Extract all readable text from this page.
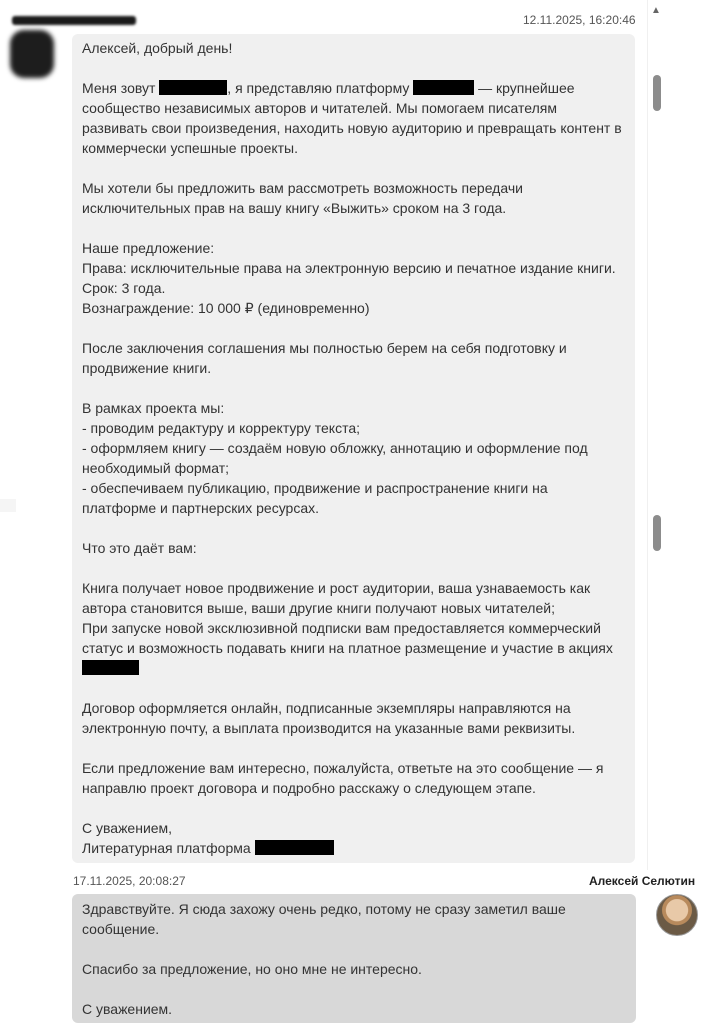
12.11.2025, 16:20:46
▲
Алексей, добрый день!
Меня зовут	, я представляю платформу	— крупнейшее
сообщество независимых авторов и читателей. Мы помогаем писателям
развивать свои произведения, находить новую аудиторию и превращать контент в
коммерчески успешные проекты.
Мы хотели бы предложить вам рассмотреть возможность передачи
исключительных прав на вашу книгу «Выжить» сроком на 3 года.
Наше предложение:
Права: исключительные права на электронную версию и печатное издание книги.
Срок: 3 года.
Вознаграждение: 10 000 ₽ (единовременно)
После заключения соглашения мы полностью берем на себя подготовку и
продвижение книги.
В рамках проекта мы:
- проводим редактуру и корректуру текста;
- оформляем книгу — создаём новую обложку, аннотацию и оформление под
необходимый формат;
- обеспечиваем публикацию, продвижение и распространение книги на
платформе и партнерских ресурсах.
Что это даёт вам:
Книга получает новое продвижение и рост аудитории, ваша узнаваемость как
автора становится выше, ваши другие книги получают новых читателей;
При запуске новой эксклюзивной подписки вам предоставляется коммерческий
статус и возможность подавать книги на платное размещение и участие в акциях
Договор оформляется онлайн, подписанные экземпляры направляются на
электронную почту, а выплата производится на указанные вами реквизиты.
Если предложение вам интересно, пожалуйста, ответьте на это сообщение — я
направлю проект договора и подробно расскажу о следующем этапе.
С уважением,
Литературная платформа
17.11.2025, 20:08:27	Алексей Селютин
Здравствуйте. Я сюда захожу очень редко, потому не сразу заметил ваше
сообщение.
Спасибо за предложение, но оно мне не интересно.
С уважением.
